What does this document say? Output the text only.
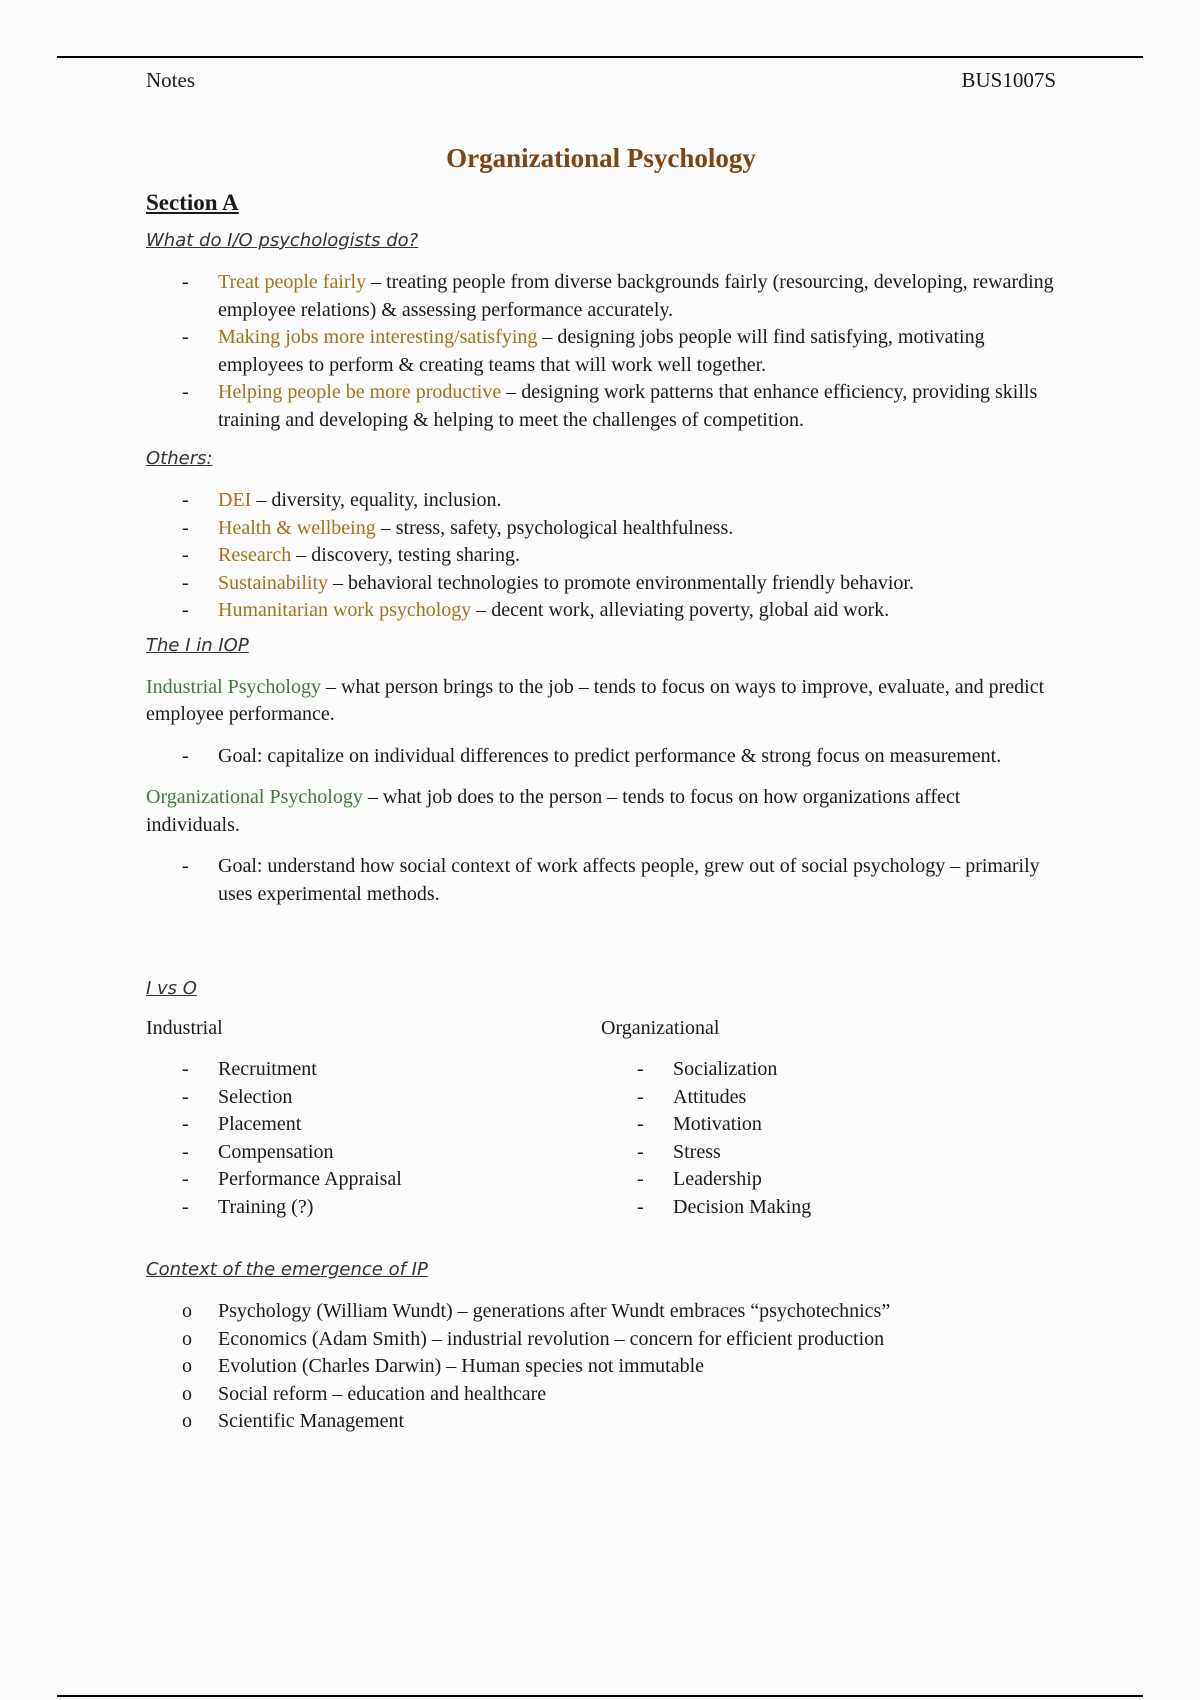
Notes	BUS1007S
Organizational Psychology
Section A
What do I/O psychologists do?
- Treat people fairly – treating people from diverse backgrounds fairly (resourcing, developing, rewarding employee relations) & assessing performance accurately.
- Making jobs more interesting/satisfying – designing jobs people will find satisfying, motivating employees to perform & creating teams that will work well together.
- Helping people be more productive – designing work patterns that enhance efficiency, providing skills training and developing & helping to meet the challenges of competition.
Others:
- DEI – diversity, equality, inclusion.
- Health & wellbeing – stress, safety, psychological healthfulness.
- Research – discovery, testing sharing.
- Sustainability – behavioral technologies to promote environmentally friendly behavior.
- Humanitarian work psychology – decent work, alleviating poverty, global aid work.
The I in IOP

Industrial Psychology – what person brings to the job – tends to focus on ways to improve, evaluate, and predict employee performance.

- Goal: capitalize on individual differences to predict performance & strong focus on measurement.

Organizational Psychology – what job does to the person – tends to focus on how organizations affect individuals.

- Goal: understand how social context of work affects people, grew out of social psychology – primarily uses experimental methods.
I vs O
Industrial
- Recruitment
- Selection
- Placement
- Compensation
- Performance Appraisal
- Training (?)
Organizational
- Socialization
- Attitudes
- Motivation
- Stress
- Leadership
- Decision Making
Context of the emergence of IP
o Psychology (William Wundt) – generations after Wundt embraces “psychotechnics”
o Economics (Adam Smith) – industrial revolution – concern for efficient production
o Evolution (Charles Darwin) – Human species not immutable
o Social reform – education and healthcare
o Scientific Management
